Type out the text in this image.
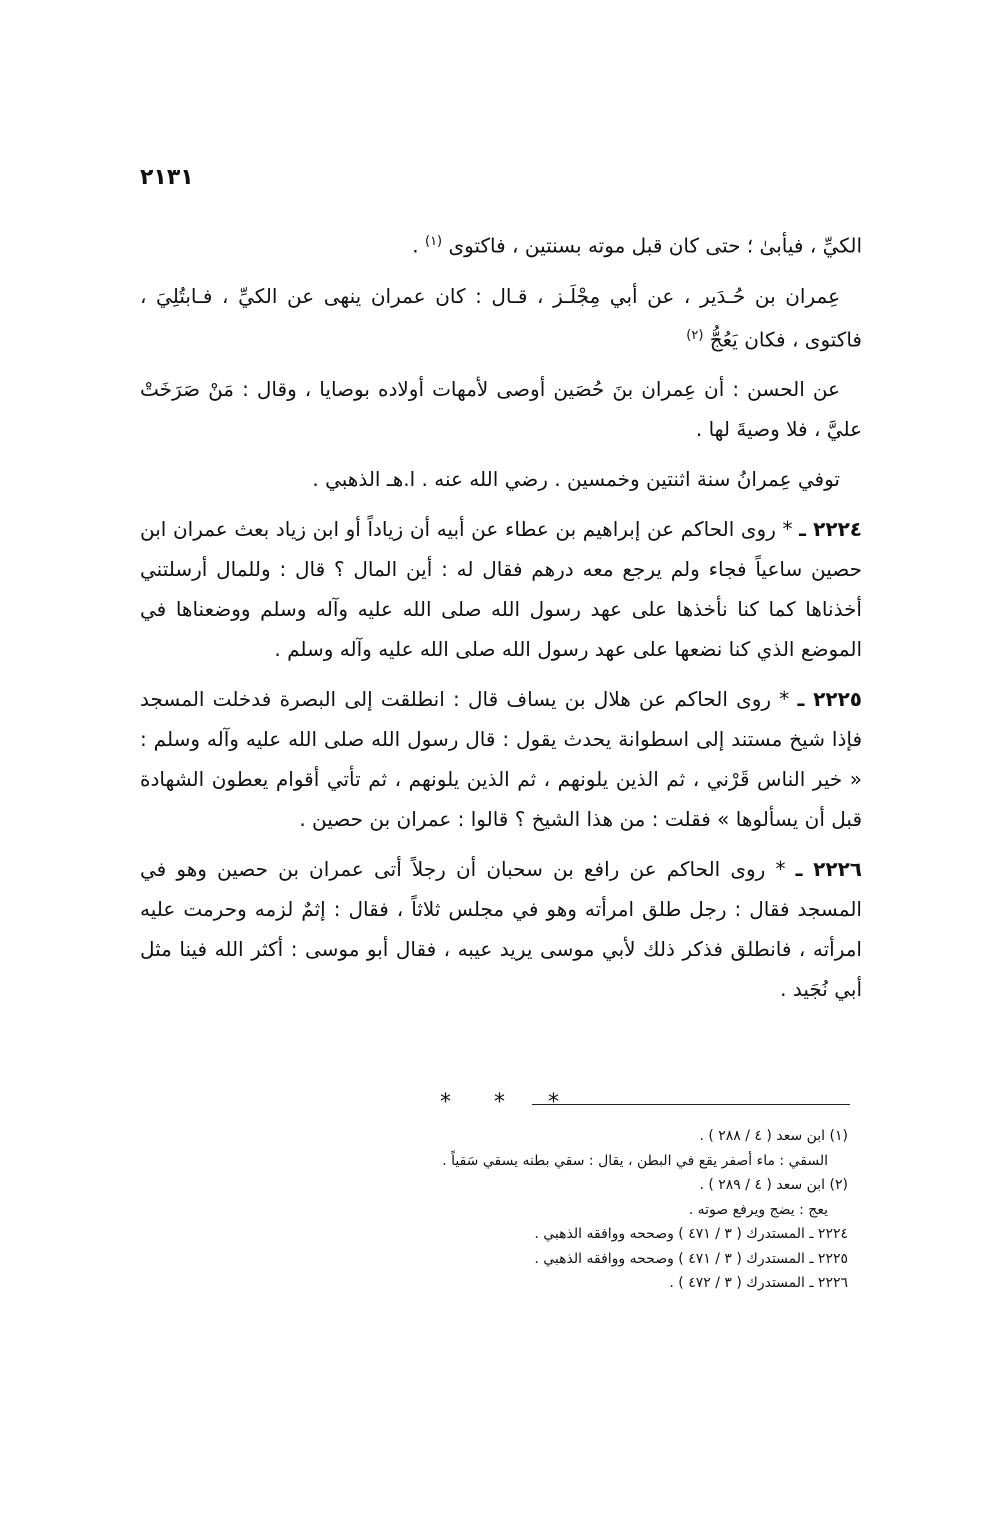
٢١٣١

الكيِّ ، فيأبىٰ ؛ حتى كان قبل موته بسنتين ، فاكتوى $^{(١)}$ .

عِمران بن حُـدَير ، عن أبي مِجْلَـز ، قـال : كان عمران ينهى عن الكيِّ ، فـابتُلِيَ ، فاكتوى ، فكان يَعُجُّ $^{(٢)}$

عن الحسن : أن عِمران بنَ حُصَين أوصى لأمهات أولاده بوصايا ، وقال : مَنْ صَرَخَتْ عليَّ ، فلا وصيةَ لها .

توفي عِمرانُ سنة اثنتين وخمسين . رضي الله عنه . ا.هـ الذهبي .

٢٢٢٤ ـ * روى الحاكم عن إبراهيم بن عطاء عن أبيه أن زياداً أو ابن زياد بعث عمران ابن حصين ساعياً فجاء ولم يرجع معه درهم فقال له : أين المال ؟ قال : وللمال أرسلتني أخذناها كما كنا نأخذها على عهد رسول الله صلى الله عليه وآله وسلم ووضعناها في الموضع الذي كنا نضعها على عهد رسول الله صلى الله عليه وآله وسلم .

٢٢٢٥ ـ * روى الحاكم عن هلال بن يساف قال : انطلقت إلى البصرة فدخلت المسجد فإذا شيخ مستند إلى اسطوانة يحدث يقول : قال رسول الله صلى الله عليه وآله وسلم : « خير الناس قَرْني ، ثم الذين يلونهم ، ثم الذين يلونهم ، ثم تأتي أقوام يعطون الشهادة قبل أن يسألوها » فقلت : من هذا الشيخ ؟ قالوا : عمران بن حصين .

٢٢٢٦ ـ * روى الحاكم عن رافع بن سحبان أن رجلاً أتى عمران بن حصين وهو في المسجد فقال : رجل طلق امرأته وهو في مجلس ثلاثاً ، فقال : إثمٌ لزمه وحرمت عليه امرأته ، فانطلق فذكر ذلك لأبي موسى يريد عيبه ، فقال أبو موسى : أكثر الله فينا مثل أبي نُجَيد .

* * *
(١) ابن سعد ( ٤ / ٢٨٨ ) .
السقي : ماء أصفر يقع في البطن ، يقال : سقي بطنه يسقي سَقياً .
(٢) ابن سعد ( ٤ / ٢٨٩ ) .
يعج : يضج ويرفع صوته .
٢٢٢٤ ـ المستدرك ( ٣ / ٤٧١ ) وصححه ووافقه الذهبي .
٢٢٢٥ ـ المستدرك ( ٣ / ٤٧١ ) وصححه ووافقه الذهبي .
٢٢٢٦ ـ المستدرك ( ٣ / ٤٧٢ ) .
